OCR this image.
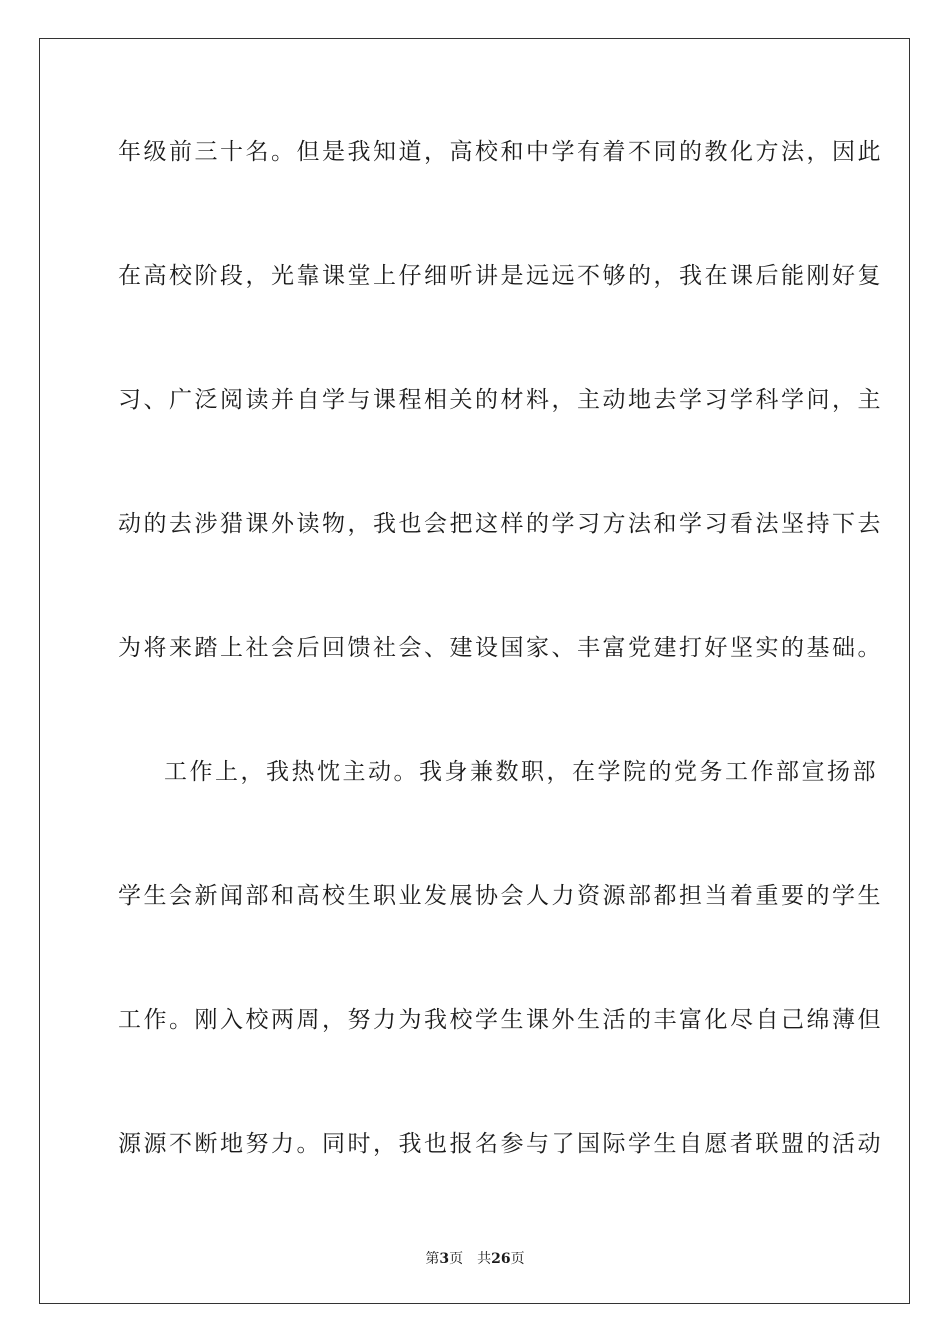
年级前三十名。但是我知道，高校和中学有着不同的教化方法，因此
在高校阶段，光靠课堂上仔细听讲是远远不够的，我在课后能刚好复
习、广泛阅读并自学与课程相关的材料，主动地去学习学科学问，主
动的去涉猎课外读物，我也会把这样的学习方法和学习看法坚持下去
为将来踏上社会后回馈社会、建设国家、丰富党建打好坚实的基础。
工作上，我热忱主动。我身兼数职，在学院的党务工作部宣扬部
学生会新闻部和高校生职业发展协会人力资源部都担当着重要的学生
工作。刚入校两周，努力为我校学生课外生活的丰富化尽自己绵薄但
源源不断地努力。同时，我也报名参与了国际学生自愿者联盟的活动
第3页 共26页
